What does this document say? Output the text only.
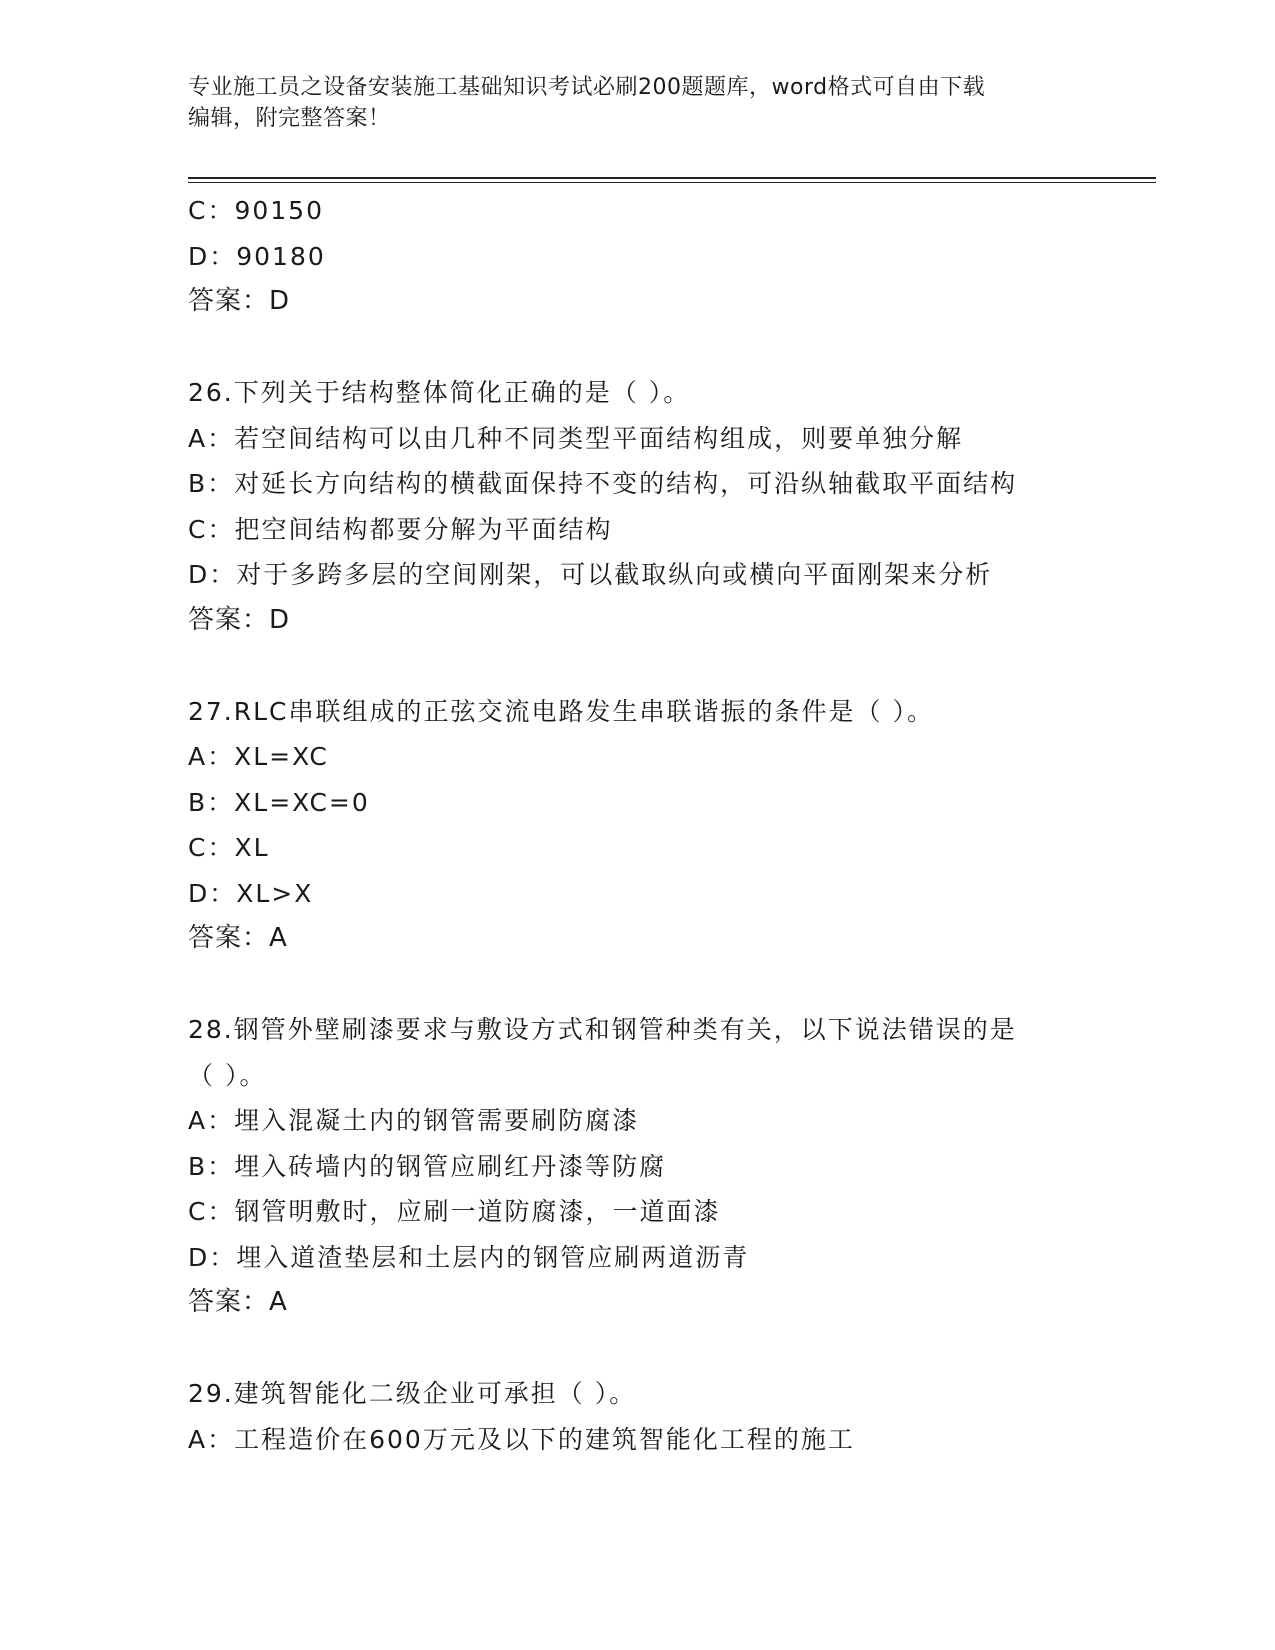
专业施工员之设备安装施工基础知识考试必刷200题题库，word格式可自由下载
编辑，附完整答案！
C：90150
D：90180
答案：D
26.下列关于结构整体简化正确的是（ ）。
A：若空间结构可以由几种不同类型平面结构组成，则要单独分解
B：对延长方向结构的横截面保持不变的结构，可沿纵轴截取平面结构
C：把空间结构都要分解为平面结构
D：对于多跨多层的空间刚架，可以截取纵向或横向平面刚架来分析
答案：D
27.RLC串联组成的正弦交流电路发生串联谐振的条件是（ ）。
A：XL=XC
B：XL=XC=0
C：XL
D：XL>X
答案：A
28.钢管外壁刷漆要求与敷设方式和钢管种类有关，以下说法错误的是
（ ）。
A：埋入混凝土内的钢管需要刷防腐漆
B：埋入砖墙内的钢管应刷红丹漆等防腐
C：钢管明敷时，应刷一道防腐漆，一道面漆
D：埋入道渣垫层和土层内的钢管应刷两道沥青
答案：A
29.建筑智能化二级企业可承担（ ）。
A：工程造价在600万元及以下的建筑智能化工程的施工
